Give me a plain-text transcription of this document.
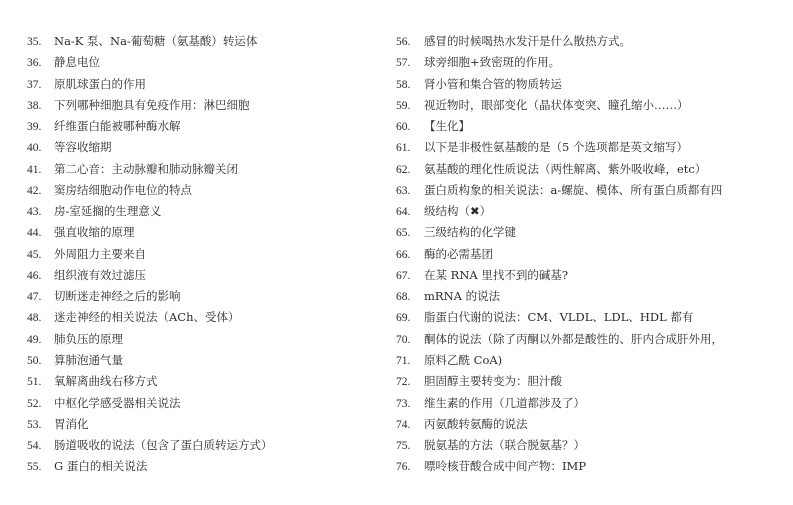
35.	Na-K 泵、Na-葡萄糖（氨基酸）转运体
36.	静息电位
37.	原肌球蛋白的作用
38.	下列哪种细胞具有免疫作用：淋巴细胞
39.	纤维蛋白能被哪种酶水解
40.	等容收缩期
41.	第二心音：主动脉瓣和肺动脉瓣关闭
42.	窦房结细胞动作电位的特点
43.	房-室延搁的生理意义
44.	强直收缩的原理
45.	外周阻力主要来自
46.	组织液有效过滤压
47.	切断迷走神经之后的影响
48.	迷走神经的相关说法（ACh、受体）
49.	肺负压的原理
50.	算肺泡通气量
51.	氧解离曲线右移方式
52.	中枢化学感受器相关说法
53.	胃消化
54.	肠道吸收的说法（包含了蛋白质转运方式）
55.	G 蛋白的相关说法
56.	感冒的时候喝热水发汗是什么散热方式。
57.	球旁细胞+致密斑的作用。
58.	肾小管和集合管的物质转运
59.	视近物时，眼部变化（晶状体变突、瞳孔缩小……）
60.	【生化】
61.	以下是非极性氨基酸的是（5 个选项都是英文缩写）
62.	氨基酸的理化性质说法（两性解离、紫外吸收峰，etc）
63.	蛋白质构象的相关说法：a-螺旋、模体、所有蛋白质都有四
64.	级结构（✖）
65.	三级结构的化学键
66.	酶的必需基团
67.	在某 RNA 里找不到的碱基?
68.	mRNA 的说法
69.	脂蛋白代谢的说法：CM、VLDL、LDL、HDL 都有
70.	酮体的说法（除了丙酮以外都是酸性的、肝内合成肝外用，
71.	原料乙酰 CoA)
72.	胆固醇主要转变为：胆汁酸
73.	维生素的作用（几道都涉及了）
74.	丙氨酸转氨酶的说法
75.	脱氨基的方法（联合脱氨基？）
76.	嘌呤核苷酸合成中间产物：IMP
